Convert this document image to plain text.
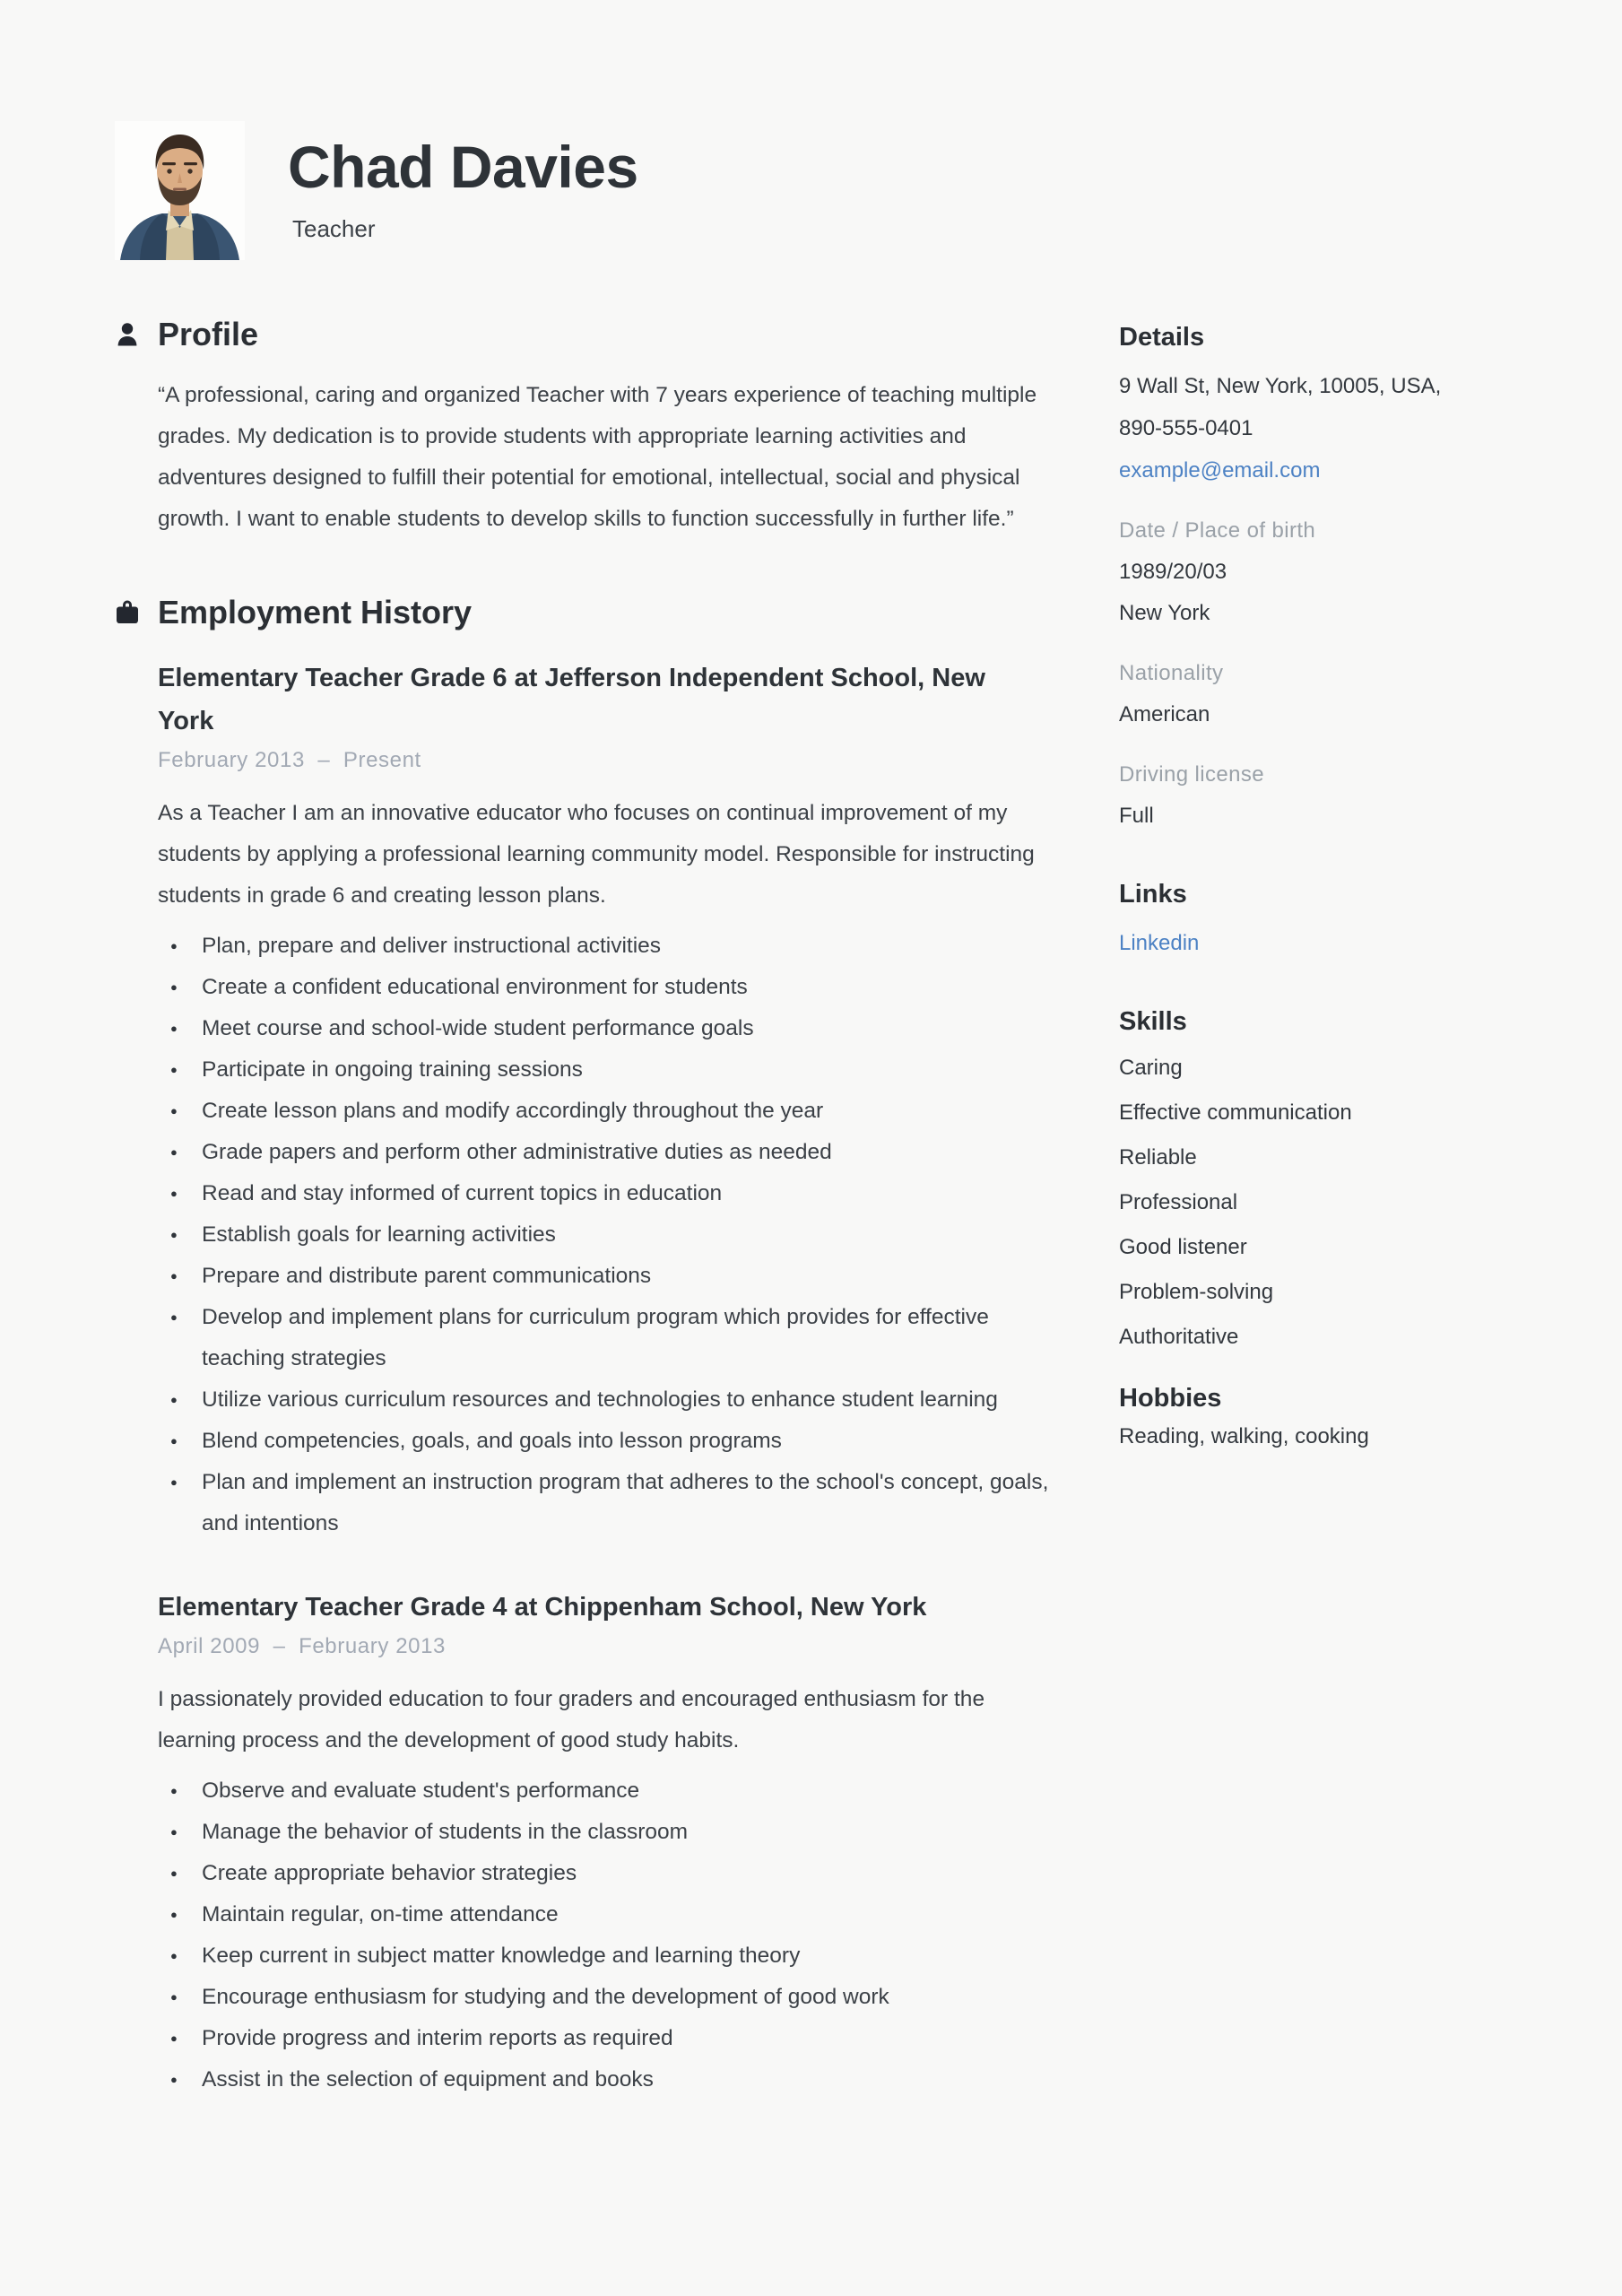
Chad Davies
Teacher
Profile

“A professional, caring and organized Teacher with 7 years experience of teaching multiple grades. My dedication is to provide students with appropriate learning activities and adventures designed to fulfill their potential for emotional, intellectual, social and physical growth. I want to enable students to develop skills to function successfully in further life.”

Employment History
Elementary Teacher Grade 6 at Jefferson Independent School, New York
February 2013  –  Present

As a Teacher I am an innovative educator who focuses on continual improvement of my students by applying a professional learning community model. Responsible for instructing students in grade 6 and creating lesson plans.

● Plan, prepare and deliver instructional activities
● Create a confident educational environment for students
● Meet course and school-wide student performance goals
● Participate in ongoing training sessions
● Create lesson plans and modify accordingly throughout the year
● Grade papers and perform other administrative duties as needed
● Read and stay informed of current topics in education
● Establish goals for learning activities
● Prepare and distribute parent communications
● Develop and implement plans for curriculum program which provides for effective teaching strategies
● Utilize various curriculum resources and technologies to enhance student learning
● Blend competencies, goals, and goals into lesson programs
● Plan and implement an instruction program that adheres to the school's concept, goals, and intentions
Elementary Teacher Grade 4 at Chippenham School, New York
April 2009  –  February 2013

I passionately provided education to four graders and encouraged enthusiasm for the learning process and the development of good study habits.

● Observe and evaluate student's performance
● Manage the behavior of students in the classroom
● Create appropriate behavior strategies
● Maintain regular, on-time attendance
● Keep current in subject matter knowledge and learning theory
● Encourage enthusiasm for studying and the development of good work
● Provide progress and interim reports as required
● Assist in the selection of equipment and books
Details
9 Wall St, New York, 10005, USA,
890-555-0401
example@email.com
Date / Place of birth
1989/20/03
New York
Nationality
American
Driving license
Full
Links
Linkedin
Skills
Caring
Effective communication
Reliable
Professional
Good listener
Problem-solving
Authoritative
Hobbies
Reading, walking, cooking
